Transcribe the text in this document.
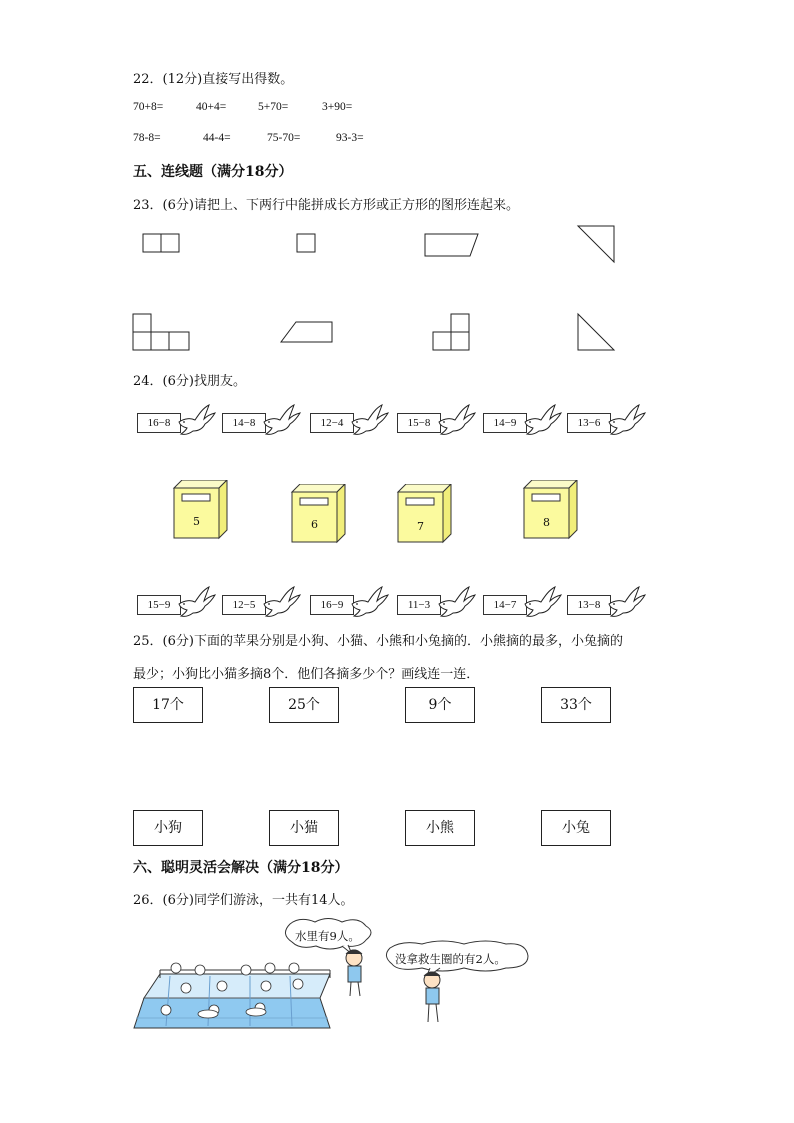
22．(12分)直接写出得数。
70+8=	40+4=	5+70=	3+90=
78-8=	44-4=	75-70=	93-3=
五、连线题（满分18分）
23．(6分)请把上、下两行中能拼成长方形或正方形的图形连起来。
24．(6分)找朋友。
16−8	14−8	12−4	15−8	14−9	13−6
15−9	12−5	16−9	11−3	14−7	13−8
5	6	7	8
25．(6分)下面的苹果分别是小狗、小猫、小熊和小兔摘的．小熊摘的最多，小兔摘的
最少；小狗比小猫多摘8个．他们各摘多少个？画线连一连．
17个	25个	9个	33个
小狗	小猫	小熊	小兔
六、聪明灵活会解决（满分18分）
26．(6分)同学们游泳，一共有14人。
水里有9人。
没拿救生圈的有2人。
